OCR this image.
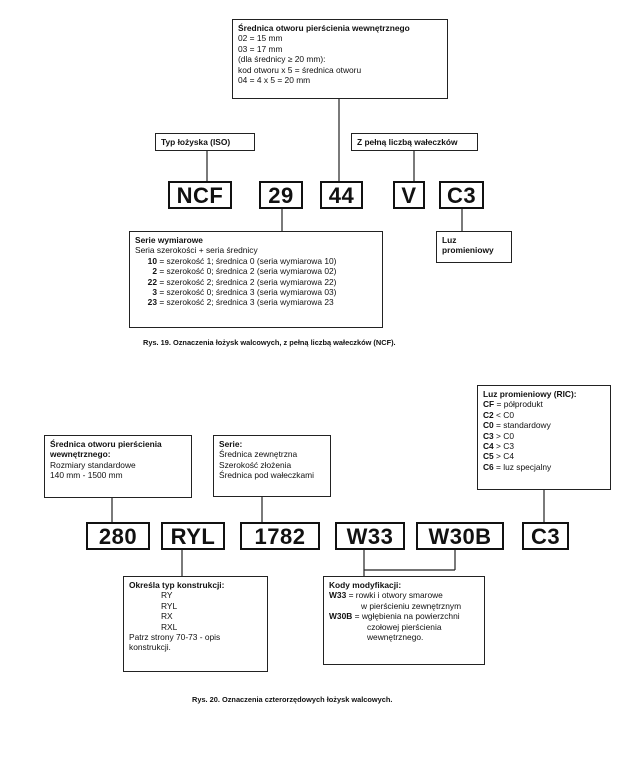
Średnica otworu pierścienia wewnętrznego
02 = 15 mm
03 = 17 mm
(dla średnicy ≥ 20 mm):
kod otworu x 5 = średnica otworu
04 = 4 x 5 = 20 mm
Typ łożyska (ISO)	Z pełną liczbą wałeczków
NCF	29	44	V	C3
Serie wymiarowe
Seria szerokości + seria średnicy
10 = szerokość 1; średnica 0 (seria wymiarowa 10)
2 = szerokość 0; średnica 2 (seria wymiarowa 02)
22 = szerokość 2; średnica 2 (seria wymiarowa 22)
3 = szerokość 0; średnica 3 (seria wymiarowa 03)
23 = szerokość 2; średnica 3 (seria wymiarowa 23
Luz
promieniowy
Rys. 19. Oznaczenia łożysk walcowych, z pełną liczbą wałeczków (NCF).
Luz promieniowy (RIC):
CF = półprodukt
C2 < C0
C0 = standardowy
C3 > C0
C4 > C3
C5 > C4
C6 = luz specjalny
Średnica otworu pierścienia wewnętrznego:
Rozmiary standardowe
140 mm - 1500 mm
Serie:
Średnica zewnętrzna
Szerokość złożenia
Średnica pod wałeczkami
280	RYL	1782	W33	W30B	C3
Określa typ konstrukcji:
RY
RYL
RX
RXL
Patrz strony 70-73 - opis konstrukcji.
Kody modyfikacji:
W33 = rowki i otwory smarowe
w pierścieniu zewnętrznym
W30B = wgłębienia na powierzchni
czołowej pierścienia
wewnętrznego.
Rys. 20. Oznaczenia czterorzędowych łożysk walcowych.
